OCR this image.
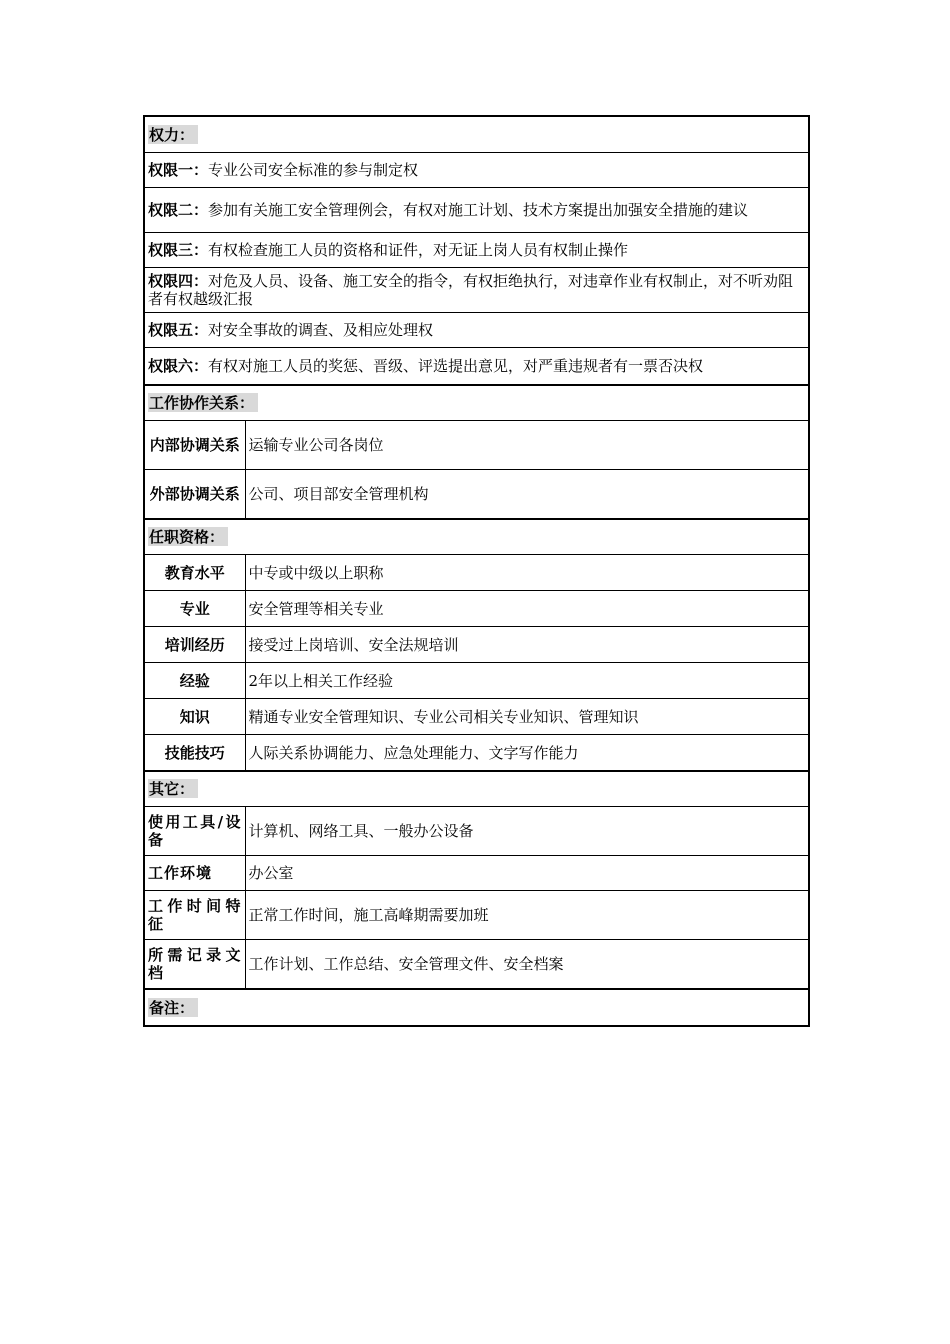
权力：	
权限一：专业公司安全标准的参与制定权	
权限二：参加有关施工安全管理例会，有权对施工计划、技术方案提出加强安全措施的建议	
权限三：有权检查施工人员的资格和证件，对无证上岗人员有权制止操作	
权限四：对危及人员、设备、施工安全的指令，有权拒绝执行，对违章作业有权制止，对不听劝阻者有权越级汇报	
权限五：对安全事故的调查、及相应处理权	
权限六：有权对施工人员的奖惩、晋级、评选提出意见，对严重违规者有一票否决权	
工作协作关系：	
内部协调关系	运输专业公司各岗位
外部协调关系	公司、项目部安全管理机构
任职资格：	
教育水平	中专或中级以上职称
专业	安全管理等相关专业
培训经历	接受过上岗培训、安全法规培训
经验	2年以上相关工作经验
知识	精通专业安全管理知识、专业公司相关专业知识、管理知识
技能技巧	人际关系协调能力、应急处理能力、文字写作能力
其它：	
使用工具/设备	计算机、网络工具、一般办公设备
工作环境	办公室
工作时间特征	正常工作时间，施工高峰期需要加班
所需记录文档	工作计划、工作总结、安全管理文件、安全档案
备注：	
